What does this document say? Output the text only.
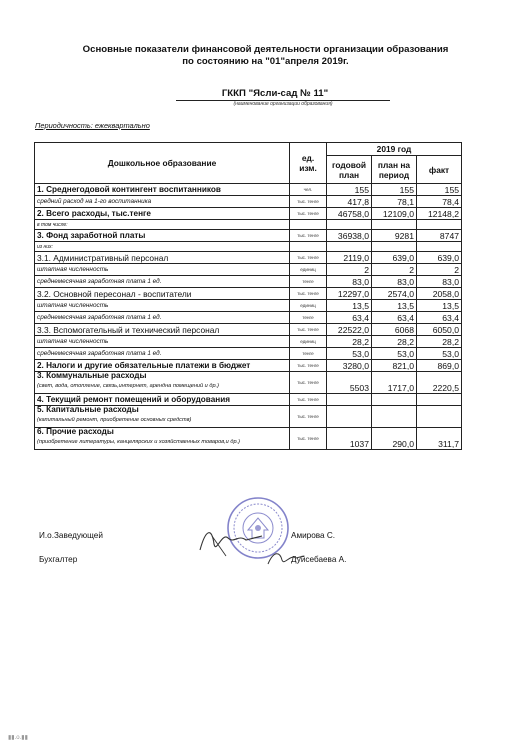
Основные показатели финансовой деятельности организации образования
по состоянию на "01"апреля 2019г.
ГККП "Ясли-сад № 11"
(наименование организации образования)
Периодичность: ежеквартально
Дошкольное образование	ед. изм.	2019 год		
		годовой план	план на период	факт
1. Среднегодовой контингент воспитанников	чел.	155	155	155
средний расход на 1-го воспитанника	тыс. тенге	417,8	78,1	78,4
2. Всего расходы, тыс.тенге	тыс. тенге	46758,0	12109,0	12148,2
в том числе:				
3. Фонд заработной платы	тыс. тенге	36938,0	9281	8747
из них:				
3.1. Административный персонал	тыс. тенге	2119,0	639,0	639,0
штатная численность	единиц	2	2	2
среднемесячная заработная плата 1 ед.	тенге	83,0	83,0	83,0
3.2. Основной пересонал - воспитатели	тыс. тенге	12297,0	2574,0	2058,0
штатная численность	единиц	13,5	13,5	13,5
среднемесячная заработная плата 1 ед.	тенге	63,4	63,4	63,4
3.3. Вспомогательный и технический персонал	тыс. тенге	22522,0	6068	6050,0
штатная численность	единиц	28,2	28,2	28,2
среднемесячная заработная плата 1 ед.	тенге	53,0	53,0	53,0
2. Налоги и другие обязательные платежи в бюджет	тыс. тенге	3280,0	821,0	869,0
3. Коммунальные расходы
(свет, вода, отопление, связь,интернет, арендна помещений и др.)	тыс. тенге	5503	1717,0	2220,5
4. Текущий ремонт помещений и оборудования	тыс. тенге			
5. Капитальные расходы
(капитальный ремонт, приобретение основных средств)	тыс. тенге			
6. Прочие расходы
(приобретение литературы, канцелярских и хозяйственных товаров,и др.)	тыс. тенге	1037	290,0	311,7
И.о.Заведующей	Амирова С.
Бухгалтер	Дуйсебаева А.
▮▮.о.▮▮
